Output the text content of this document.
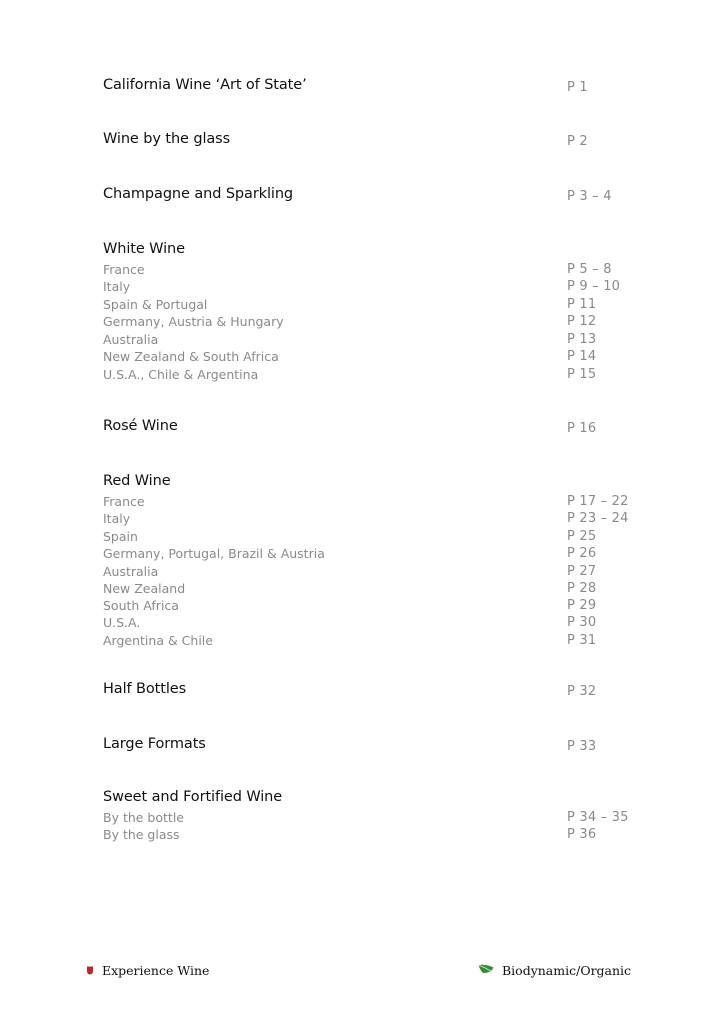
California Wine ‘Art of State’	P 1
Wine by the glass	P 2
Champagne and Sparkling	P 3 – 4
White Wine
France	P 5 – 8
Italy	P 9 – 10
Spain & Portugal	P 11
Germany, Austria & Hungary	P 12
Australia	P 13
New Zealand & South Africa	P 14
U.S.A., Chile & Argentina	P 15
Rosé Wine	P 16
Red Wine
France	P 17 – 22
Italy	P 23 – 24
Spain	P 25
Germany, Portugal, Brazil & Austria	P 26
Australia	P 27
New Zealand	P 28
South Africa	P 29
U.S.A.	P 30
Argentina & Chile	P 31
Half Bottles	P 32
Large Formats	P 33
Sweet and Fortified Wine
By the bottle	P 34 – 35
By the glass	P 36
Experience Wine	Biodynamic/Organic
